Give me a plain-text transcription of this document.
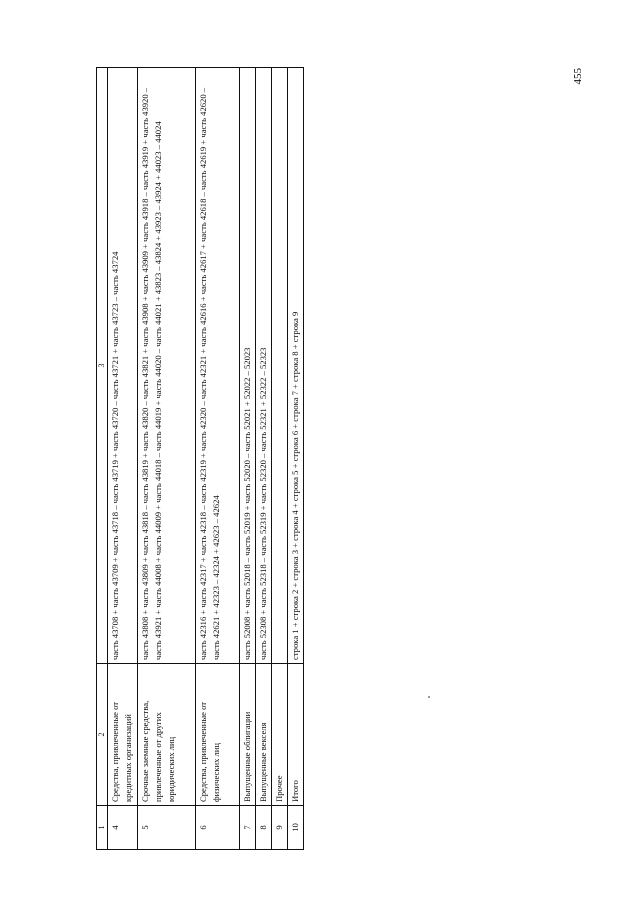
455
1	2	3
4	Средства, привлеченные от кредитных организаций	часть 43708 + часть 43709 + часть 43718 – часть 43719 + часть 43720 – часть 43721 + часть 43723 – часть 43724
5	Срочные заемные средства, привлеченные от других юридических лиц	часть 43808 + часть 43809 + часть 43818 – часть 43819 + часть 43820 – часть 43821 + часть 43908 + часть 43909 + часть 43918 – часть 43919 + часть 43920 – часть 43921 + часть 44008 + часть 44009 + часть 44018 – часть 44019 + часть 44020 – часть 44021 + 43823 – 43824 + 43923 – 43924 + 44023 – 44024
6	Средства, привлеченные от физических лиц	часть 42316 + часть 42317 + часть 42318 – часть 42319 + часть 42320 – часть 42321 + часть 42616 + часть 42617 + часть 42618 – часть 42619 + часть 42620 – часть 42621 + 42323 – 42324 + 42623 – 42624
7	Выпущенные облигации	часть 52008 + часть 52018 – часть 52019 + часть 52020 – часть 52021 + 52022 – 52023
8	Выпущенные векселя	часть 52308 + часть 52318 – часть 52319 + часть 52320 – часть 52321 + 52322 – 52323
9	Прочее	
10	Итого	строка 1 + строка 2 + строка 3 + строка 4 + строка 5 + строка 6 + строка 7 + строка 8 + строка 9
